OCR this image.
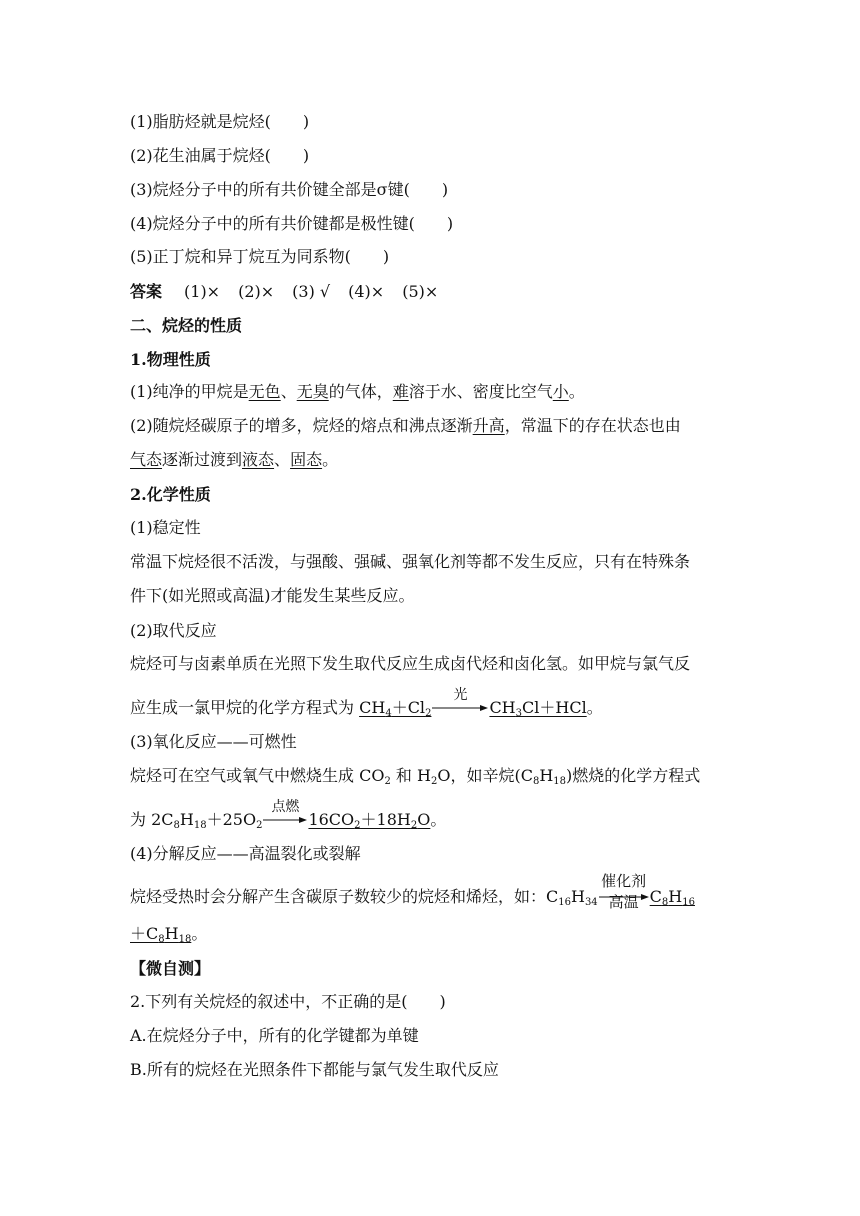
(1)脂肪烃就是烷烃(　　)
(2)花生油属于烷烃(　　)
(3)烷烃分子中的所有共价键全部是σ键(　　)
(4)烷烃分子中的所有共价键都是极性键(　　)
(5)正丁烷和异丁烷互为同系物(　　)
答案 (1)× (2)× (3) √ (4)× (5)×
二、烷烃的性质
1.物理性质
(1)纯净的甲烷是无色、无臭的气体，难溶于水、密度比空气小。
(2)随烷烃碳原子的增多，烷烃的熔点和沸点逐渐升高，常温下的存在状态也由
气态逐渐过渡到液态、固态。
2.化学性质
(1)稳定性
常温下烷烃很不活泼，与强酸、强碱、强氧化剂等都不发生反应，只有在特殊条
件下(如光照或高温)才能发生某些反应。
(2)取代反应
烷烃可与卤素单质在光照下发生取代反应生成卤代烃和卤化氢。如甲烷与氯气反
应生成一氯甲烷的化学方程式为 $CH_4+Cl_2$
光
$CH_3Cl+HCl$。
(3)氧化反应——可燃性
烷烃可在空气或氧气中燃烧生成 $CO_2$ 和 $H_2O$，如辛烷$(C_8H_{18})$燃烧的化学方程式
为 $2C_8H_{18}+25O_2$
点燃
$16CO_2+18H_2O$。
(4)分解反应——高温裂化或裂解
烷烃受热时会分解产生含碳原子数较少的烷烃和烯烃，如：$C_{16}H_{34}$
催化剂
高温 $C_8H_{16}$
$+C_8H_{18}$。
【微自测】
2.下列有关烷烃的叙述中，不正确的是(　　)
A.在烷烃分子中，所有的化学键都为单键
B.所有的烷烃在光照条件下都能与氯气发生取代反应
